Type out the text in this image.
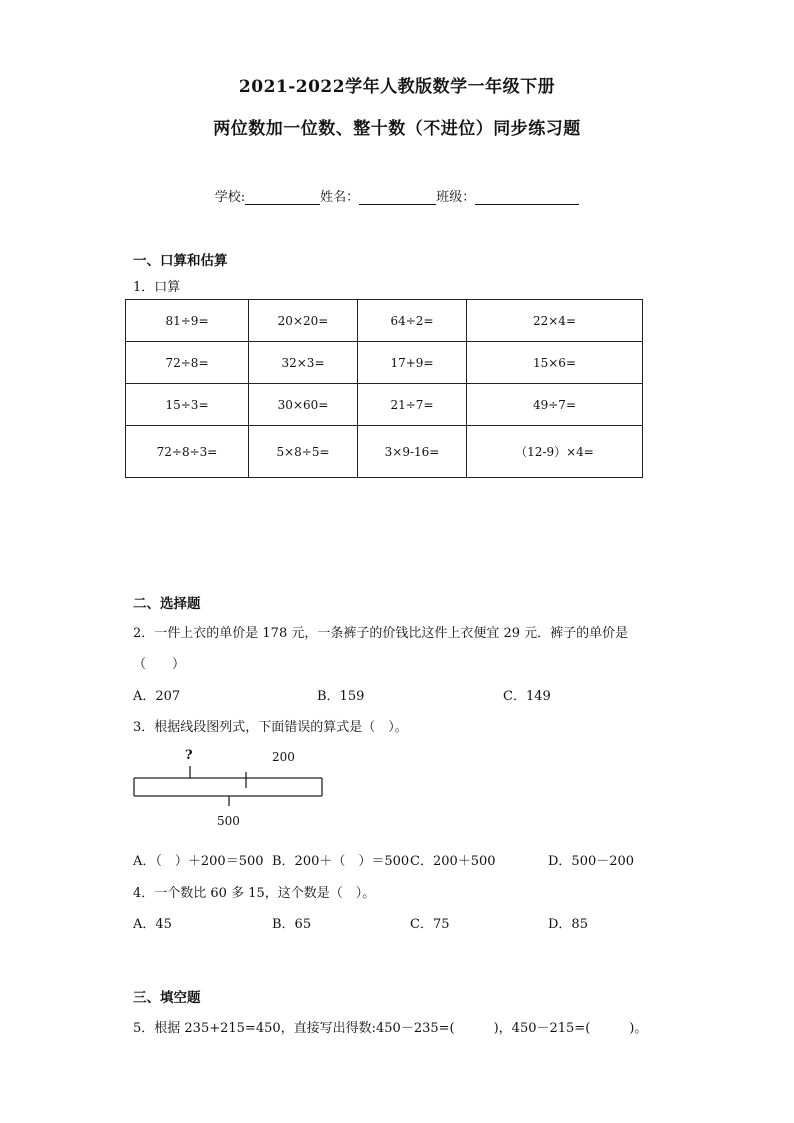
2021-2022学年人教版数学一年级下册
两位数加一位数、整十数（不进位）同步练习题
学校:	姓名：	班级：
一、口算和估算
1．口算
81÷9=	20×20=	64÷2=	22×4=
72÷8=	32×3=	17+9=	15×6=
15÷3=	30×60=	21÷7=	49÷7=
72÷8÷3=	5×8÷5=	3×9-16=	（12-9）×4=
二、选择题
2．一件上衣的单价是 178 元，一条裤子的价钱比这件上衣便宜 29 元．裤子的单价是
（　　）
A．207	B．159	C．149
3．根据线段图列式，下面错误的算式是（　）。
?	200
500
A．（　）＋200＝500 B．200＋（　）＝500 C．200＋500	D．500－200
4．一个数比 60 多 15，这个数是（　）。
A．45	B．65	C．75	D．85
三、填空题
5．根据 235+215=450，直接写出得数:450－235=(　　　)，450－215=(　　　)。
